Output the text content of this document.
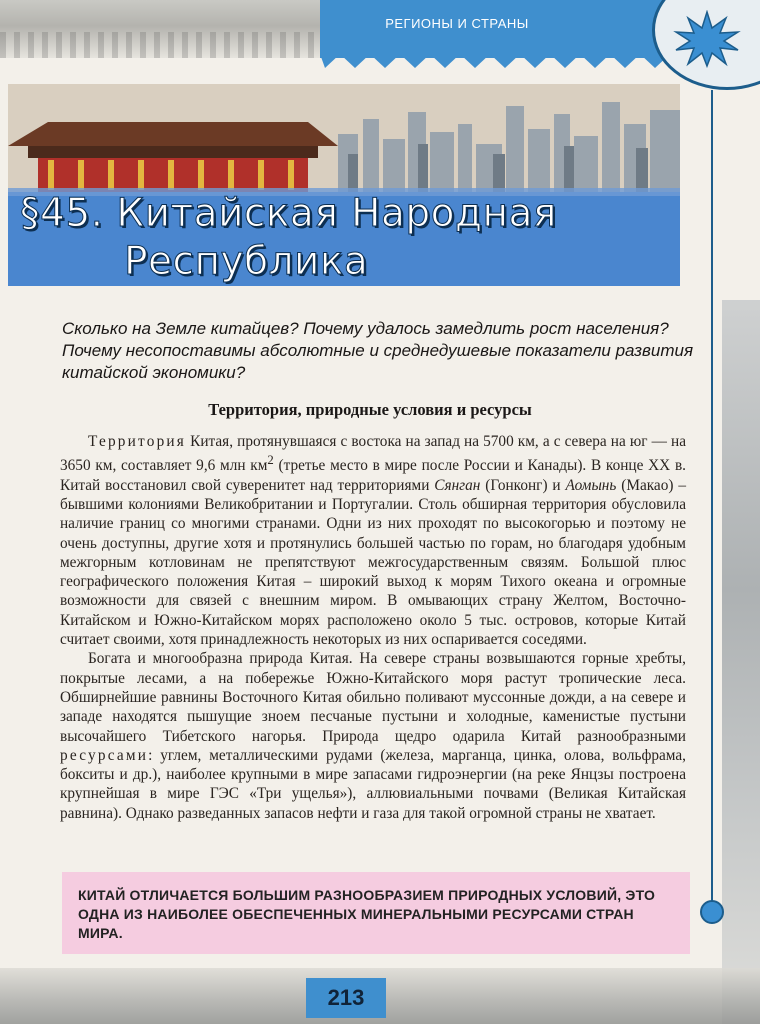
РЕГИОНЫ И СТРАНЫ
§45. Китайская Народная
Республика
Сколько на Земле китайцев? Почему удалось замедлить рост населения? Почему несопоставимы абсолютные и среднедушевые показатели развития китайской экономики?
Территория, природные условия и ресурсы

Территория Китая, протянувшаяся с востока на запад на 5700 км, а с севера на юг — на 3650 км, составляет 9,6 млн $км^2$ (третье место в мире после России и Канады). В конце XX в. Китай восстановил свой суверенитет над территориями Сянган (Гонконг) и Аомынь (Макао) – бывшими колониями Великобритании и Португалии. Столь обширная территория обусловила наличие границ со многими странами. Одни из них проходят по высокогорью и поэтому не очень доступны, другие хотя и протянулись большей частью по горам, но благодаря удобным межгорным котловинам не препятствуют межгосударственным связям. Большой плюс географического положения Китая – широкий выход к морям Тихого океана и огромные возможности для связей с внешним миром. В омывающих страну Желтом, Восточно-Китайском и Южно-Китайском морях расположено около 5 тыс. островов, которые Китай считает своими, хотя принадлежность некоторых из них оспаривается соседями.

Богата и многообразна природа Китая. На севере страны возвышаются горные хребты, покрытые лесами, а на побережье Южно-Китайского моря растут тропические леса. Обширнейшие равнины Восточного Китая обильно поливают муссонные дожди, а на севере и западе находятся пышущие зноем песчаные пустыни и холодные, каменистые пустыни высочайшего Тибетского нагорья. Природа щедро одарила Китай разнообразными ресурсами: углем, металлическими рудами (железа, марганца, цинка, олова, вольфрама, бокситы и др.), наиболее крупными в мире запасами гидроэнергии (на реке Янцзы построена крупнейшая в мире ГЭС «Три ущелья»), аллювиальными почвами (Великая Китайская равнина). Однако разведанных запасов нефти и газа для такой огромной страны не хватает.

КИТАЙ ОТЛИЧАЕТСЯ БОЛЬШИМ РАЗНООБРАЗИЕМ ПРИРОДНЫХ УСЛОВИЙ, ЭТО ОДНА ИЗ НАИБОЛЕЕ ОБЕСПЕЧЕННЫХ МИНЕРАЛЬНЫМИ РЕСУРСАМИ СТРАН МИРА.
213
